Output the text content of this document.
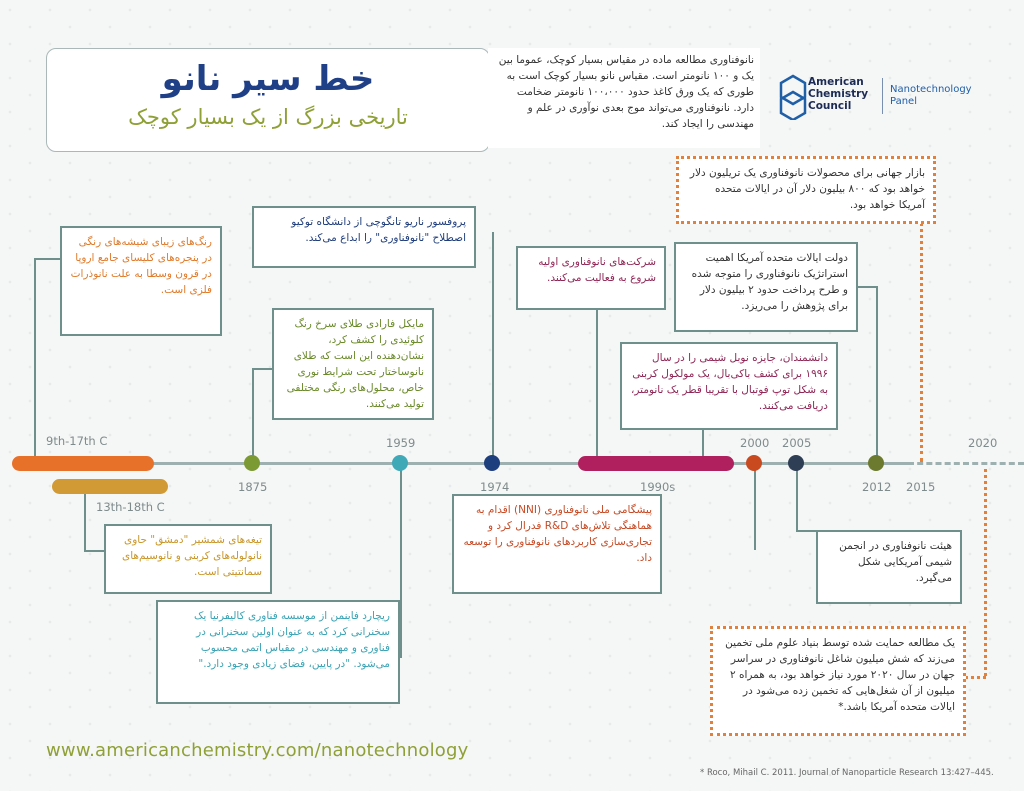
خط سیر نانو
تاریخی بزرگ از یک بسیار کوچک
نانوفناوری مطالعه ماده در مقیاس بسیار کوچک، عموما بین یک و ۱۰۰ نانومتر است. مقیاس نانو بسیار کوچک است به طوری که یک ورق کاغذ حدود ۱۰۰،۰۰۰ نانومتر ضخامت دارد. نانوفناوری می‌تواند موج بعدی نوآوری در علم و مهندسی را ایجاد کند.
American
Chemistry
Council
Nanotechnology
Panel
9th-17th C
13th-18th C
1875
1959
1974	1990s
2000 2005
2012 2015
2020
رنگ‌های زیبای شیشه‌های رنگی در پنجره‌های کلیسای جامع اروپا در قرون وسطا به علت نانوذرات فلزی است.
تیغه‌های شمشیر "دمشق" حاوی نانولوله‌های کربنی و نانوسیم‌های سمانتیتی است.
مایکل فارادی طلای سرخ رنگ کلوئیدی را کشف کرد، نشان‌دهنده این است که طلای نانوساختار تحت شرایط نوری خاص، محلول‌های رنگی مختلفی تولید می‌کنند.
ریچارد فاینمن از موسسه فناوری کالیفرنیا یک سخنرانی کرد که به عنوان اولین سخنرانی در فناوری و مهندسی در مقیاس اتمی محسوب می‌شود. "در پایین، فضای زیادی وجود دارد."
پروفسور ناریو تانگوچی از دانشگاه توکیو اصطلاح "نانوفناوری" را ابداع می‌کند.
پیشگامی ملی نانوفناوری (NNI) اقدام به هماهنگی تلاش‌های R&D فدرال کرد و تجاری‌سازی کاربردهای نانوفناوری را توسعه داد.
شرکت‌های نانوفناوری اولیه شروع به فعالیت می‌کنند.
دانشمندان، جایزه نوبل شیمی را در سال ۱۹۹۶ برای کشف باکی‌بال، یک مولکول کربنی به شکل توپ فوتبال با تقریبا قطر یک نانومتر، دریافت می‌کنند.
هیئت نانوفناوری در انجمن شیمی آمریکایی شکل می‌گیرد.
دولت ایالات متحده آمریکا اهمیت استراتژیک نانوفناوری را متوجه شده و طرح پرداخت حدود ۲ بیلیون دلار برای پژوهش را می‌ریزد.
بازار جهانی برای محصولات نانوفناوری یک تریلیون دلار خواهد بود که ۸۰۰ بیلیون دلار آن در ایالات متحده آمریکا خواهد بود.
یک مطالعه حمایت شده توسط بنیاد علوم ملی تخمین می‌زند که شش میلیون شاغل نانوفناوری در سراسر جهان در سال ۲۰۲۰ مورد نیاز خواهد بود، به همراه ۲ میلیون از آن شغل‌هایی که تخمین زده می‌شود در ایالات متحده آمریکا باشد.*
www.americanchemistry.com/nanotechnology
* Roco, Mihail C. 2011. Journal of Nanoparticle Research 13:427–445.
